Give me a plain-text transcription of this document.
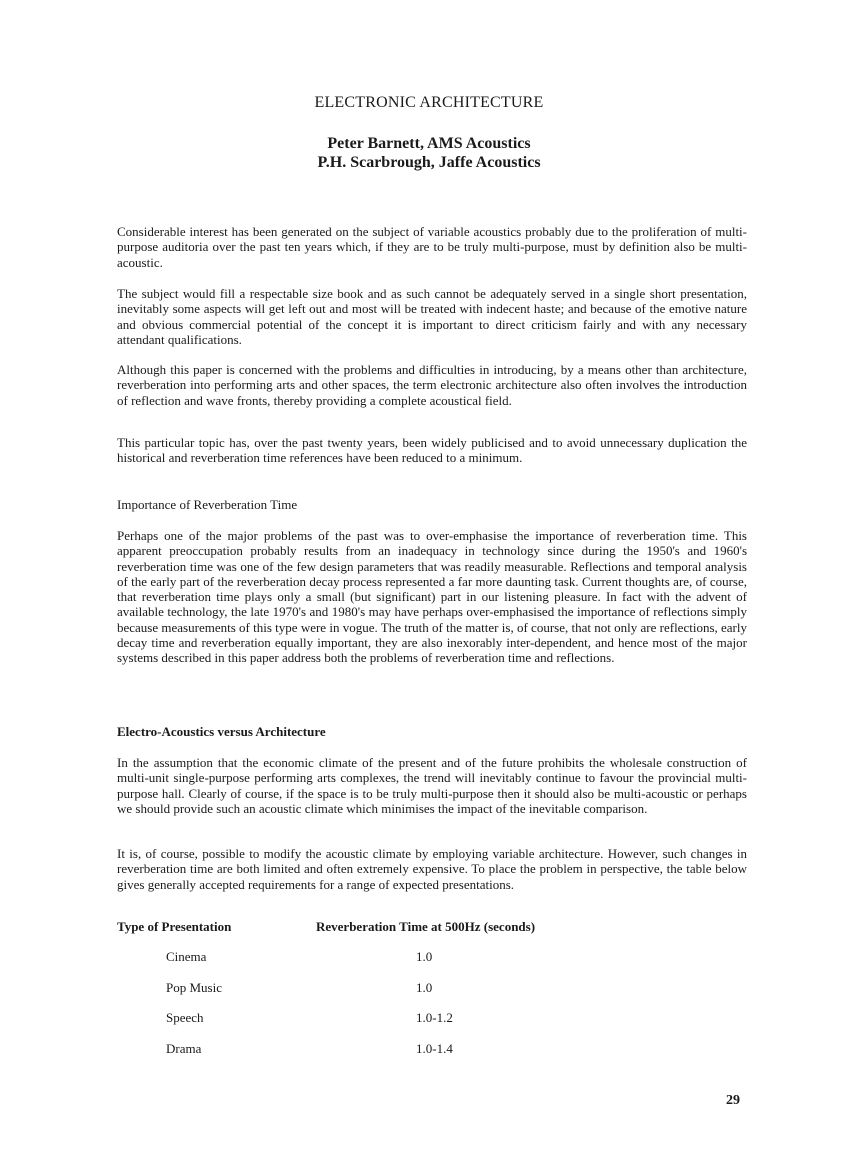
ELECTRONIC ARCHITECTURE
Peter Barnett, AMS Acoustics
P.H. Scarbrough, Jaffe Acoustics

Considerable interest has been generated on the subject of variable acoustics probably due to the proliferation of multi-purpose auditoria over the past ten years which, if they are to be truly multi-purpose, must by definition also be multi-acoustic.

The subject would fill a respectable size book and as such cannot be adequately served in a single short presentation, inevitably some aspects will get left out and most will be treated with indecent haste; and because of the emotive nature and obvious commercial potential of the concept it is important to direct criticism fairly and with any necessary attendant qualifications.

Although this paper is concerned with the problems and difficulties in introducing, by a means other than architecture, reverberation into performing arts and other spaces, the term electronic architecture also often involves the introduction of reflection and wave fronts, thereby providing a complete acoustical field.

This particular topic has, over the past twenty years, been widely publicised and to avoid unnecessary duplication the historical and reverberation time references have been reduced to a minimum.

Importance of Reverberation Time

Perhaps one of the major problems of the past was to over-emphasise the importance of reverberation time. This apparent preoccupation probably results from an inadequacy in technology since during the 1950's and 1960's reverberation time was one of the few design parameters that was readily measurable. Reflections and temporal analysis of the early part of the reverberation decay process represented a far more daunting task. Current thoughts are, of course, that reverberation time plays only a small (but significant) part in our listening pleasure. In fact with the advent of available technology, the late 1970's and 1980's may have perhaps over-emphasised the importance of reflections simply because measurements of this type were in vogue. The truth of the matter is, of course, that not only are reflections, early decay time and reverberation equally important, they are also inexorably inter-dependent, and hence most of the major systems described in this paper address both the problems of reverberation time and reflections.

Electro-Acoustics versus Architecture

In the assumption that the economic climate of the present and of the future prohibits the wholesale construction of multi-unit single-purpose performing arts complexes, the trend will inevitably continue to favour the provincial multi-purpose hall. Clearly of course, if the space is to be truly multi-purpose then it should also be multi-acoustic or perhaps we should provide such an acoustic climate which minimises the impact of the inevitable comparison.

It is, of course, possible to modify the acoustic climate by employing variable architecture. However, such changes in reverberation time are both limited and often extremely expensive. To place the problem in perspective, the table below gives generally accepted requirements for a range of expected presentations.

Type of Presentation	Reverberation Time at 500Hz (seconds)
Cinema	1.0
Pop Music	1.0
Speech	1.0-1.2
Drama	1.0-1.4
29
